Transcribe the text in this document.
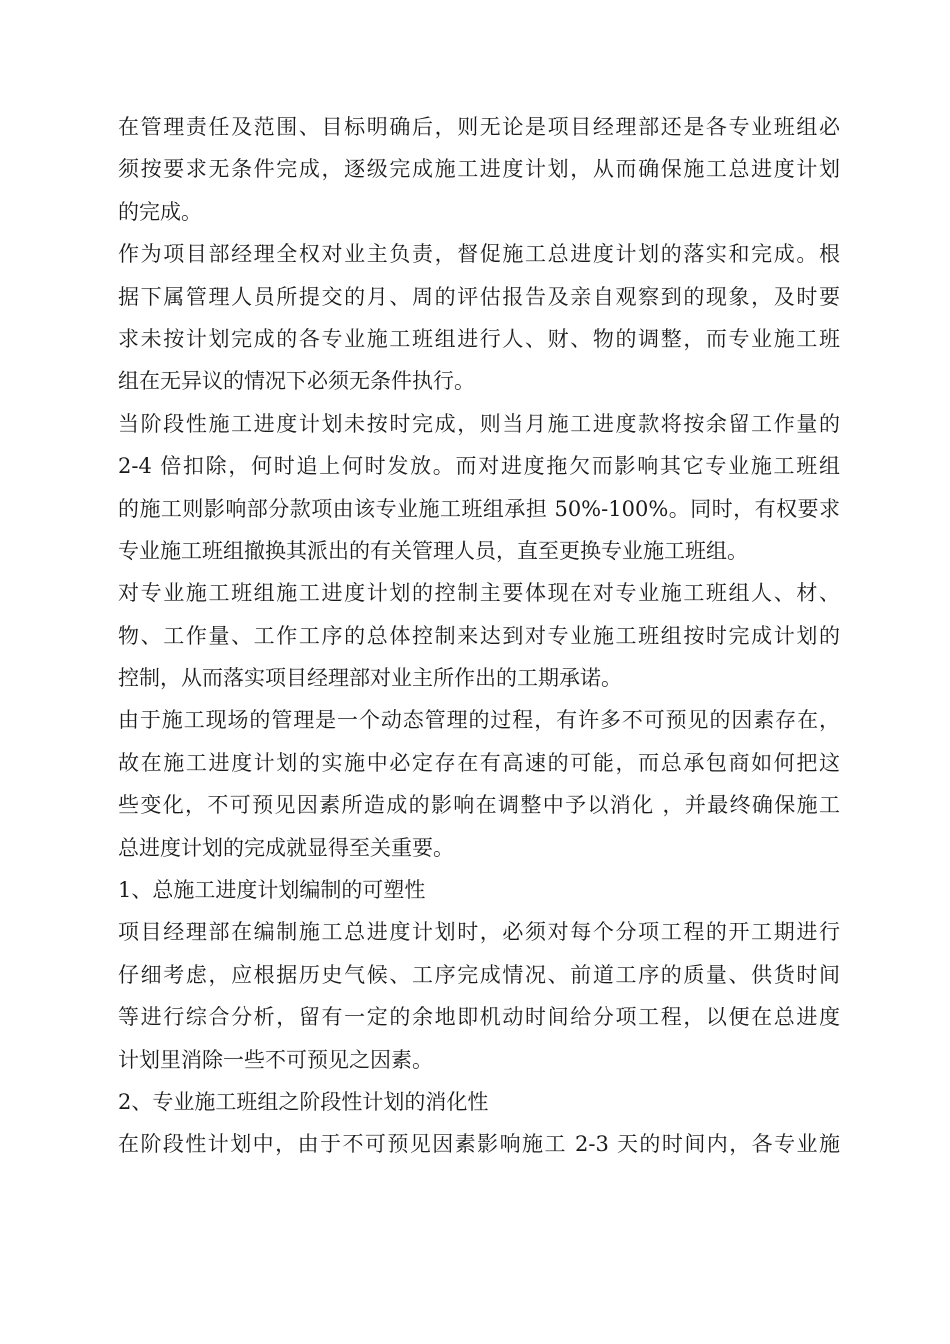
在管理责任及范围、目标明确后，则无论是项目经理部还是各专业班组必
须按要求无条件完成，逐级完成施工进度计划，从而确保施工总进度计划
的完成。
作为项目部经理全权对业主负责，督促施工总进度计划的落实和完成。根
据下属管理人员所提交的月、周的评估报告及亲自观察到的现象，及时要
求未按计划完成的各专业施工班组进行人、财、物的调整，而专业施工班
组在无异议的情况下必须无条件执行。
当阶段性施工进度计划未按时完成，则当月施工进度款将按余留工作量的
2-4 倍扣除，何时追上何时发放。而对进度拖欠而影响其它专业施工班组
的施工则影响部分款项由该专业施工班组承担 50%-100%。同时，有权要求
专业施工班组撤换其派出的有关管理人员，直至更换专业施工班组。
对专业施工班组施工进度计划的控制主要体现在对专业施工班组人、材、
物、工作量、工作工序的总体控制来达到对专业施工班组按时完成计划的
控制，从而落实项目经理部对业主所作出的工期承诺。
由于施工现场的管理是一个动态管理的过程，有许多不可预见的因素存在，
故在施工进度计划的实施中必定存在有高速的可能，而总承包商如何把这
些变化，不可预见因素所造成的影响在调整中予以消化 ，并最终确保施工
总进度计划的完成就显得至关重要。
1、总施工进度计划编制的可塑性
项目经理部在编制施工总进度计划时，必须对每个分项工程的开工期进行
仔细考虑，应根据历史气候、工序完成情况、前道工序的质量、供货时间
等进行综合分析，留有一定的余地即机动时间给分项工程，以便在总进度
计划里消除一些不可预见之因素。
2、专业施工班组之阶段性计划的消化性
在阶段性计划中，由于不可预见因素影响施工 2-3 天的时间内，各专业施
